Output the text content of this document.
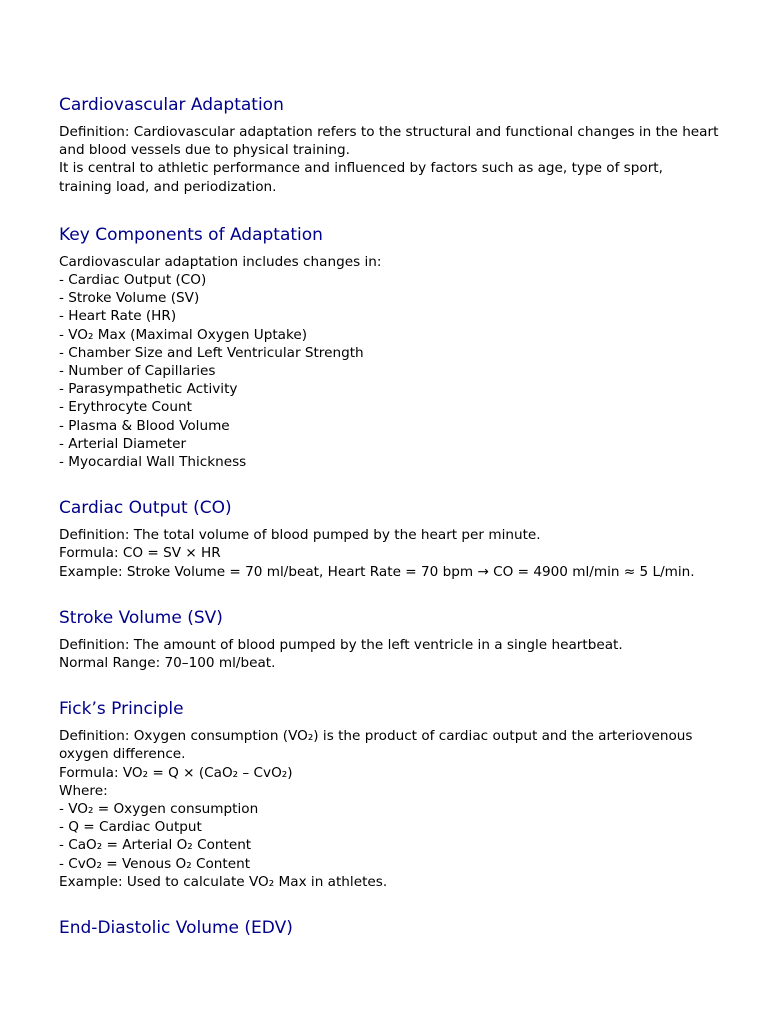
Cardiovascular Adaptation
Definition: Cardiovascular adaptation refers to the structural and functional changes in the heart and blood vessels due to physical training.
It is central to athletic performance and influenced by factors such as age, type of sport, training load, and periodization.
Key Components of Adaptation
Cardiovascular adaptation includes changes in:
- Cardiac Output (CO)
- Stroke Volume (SV)
- Heart Rate (HR)
- VO₂ Max (Maximal Oxygen Uptake)
- Chamber Size and Left Ventricular Strength
- Number of Capillaries
- Parasympathetic Activity
- Erythrocyte Count
- Plasma & Blood Volume
- Arterial Diameter
- Myocardial Wall Thickness
Cardiac Output (CO)
Definition: The total volume of blood pumped by the heart per minute.
Formula: CO = SV × HR
Example: Stroke Volume = 70 ml/beat, Heart Rate = 70 bpm → CO = 4900 ml/min ≈ 5 L/min.
Stroke Volume (SV)
Definition: The amount of blood pumped by the left ventricle in a single heartbeat.
Normal Range: 70–100 ml/beat.
Fick’s Principle
Definition: Oxygen consumption (VO₂) is the product of cardiac output and the arteriovenous oxygen difference.
Formula: VO₂ = Q × (CaO₂ – CvO₂)
Where:
- VO₂ = Oxygen consumption
- Q = Cardiac Output
- CaO₂ = Arterial O₂ Content
- CvO₂ = Venous O₂ Content
Example: Used to calculate VO₂ Max in athletes.
End-Diastolic Volume (EDV)
